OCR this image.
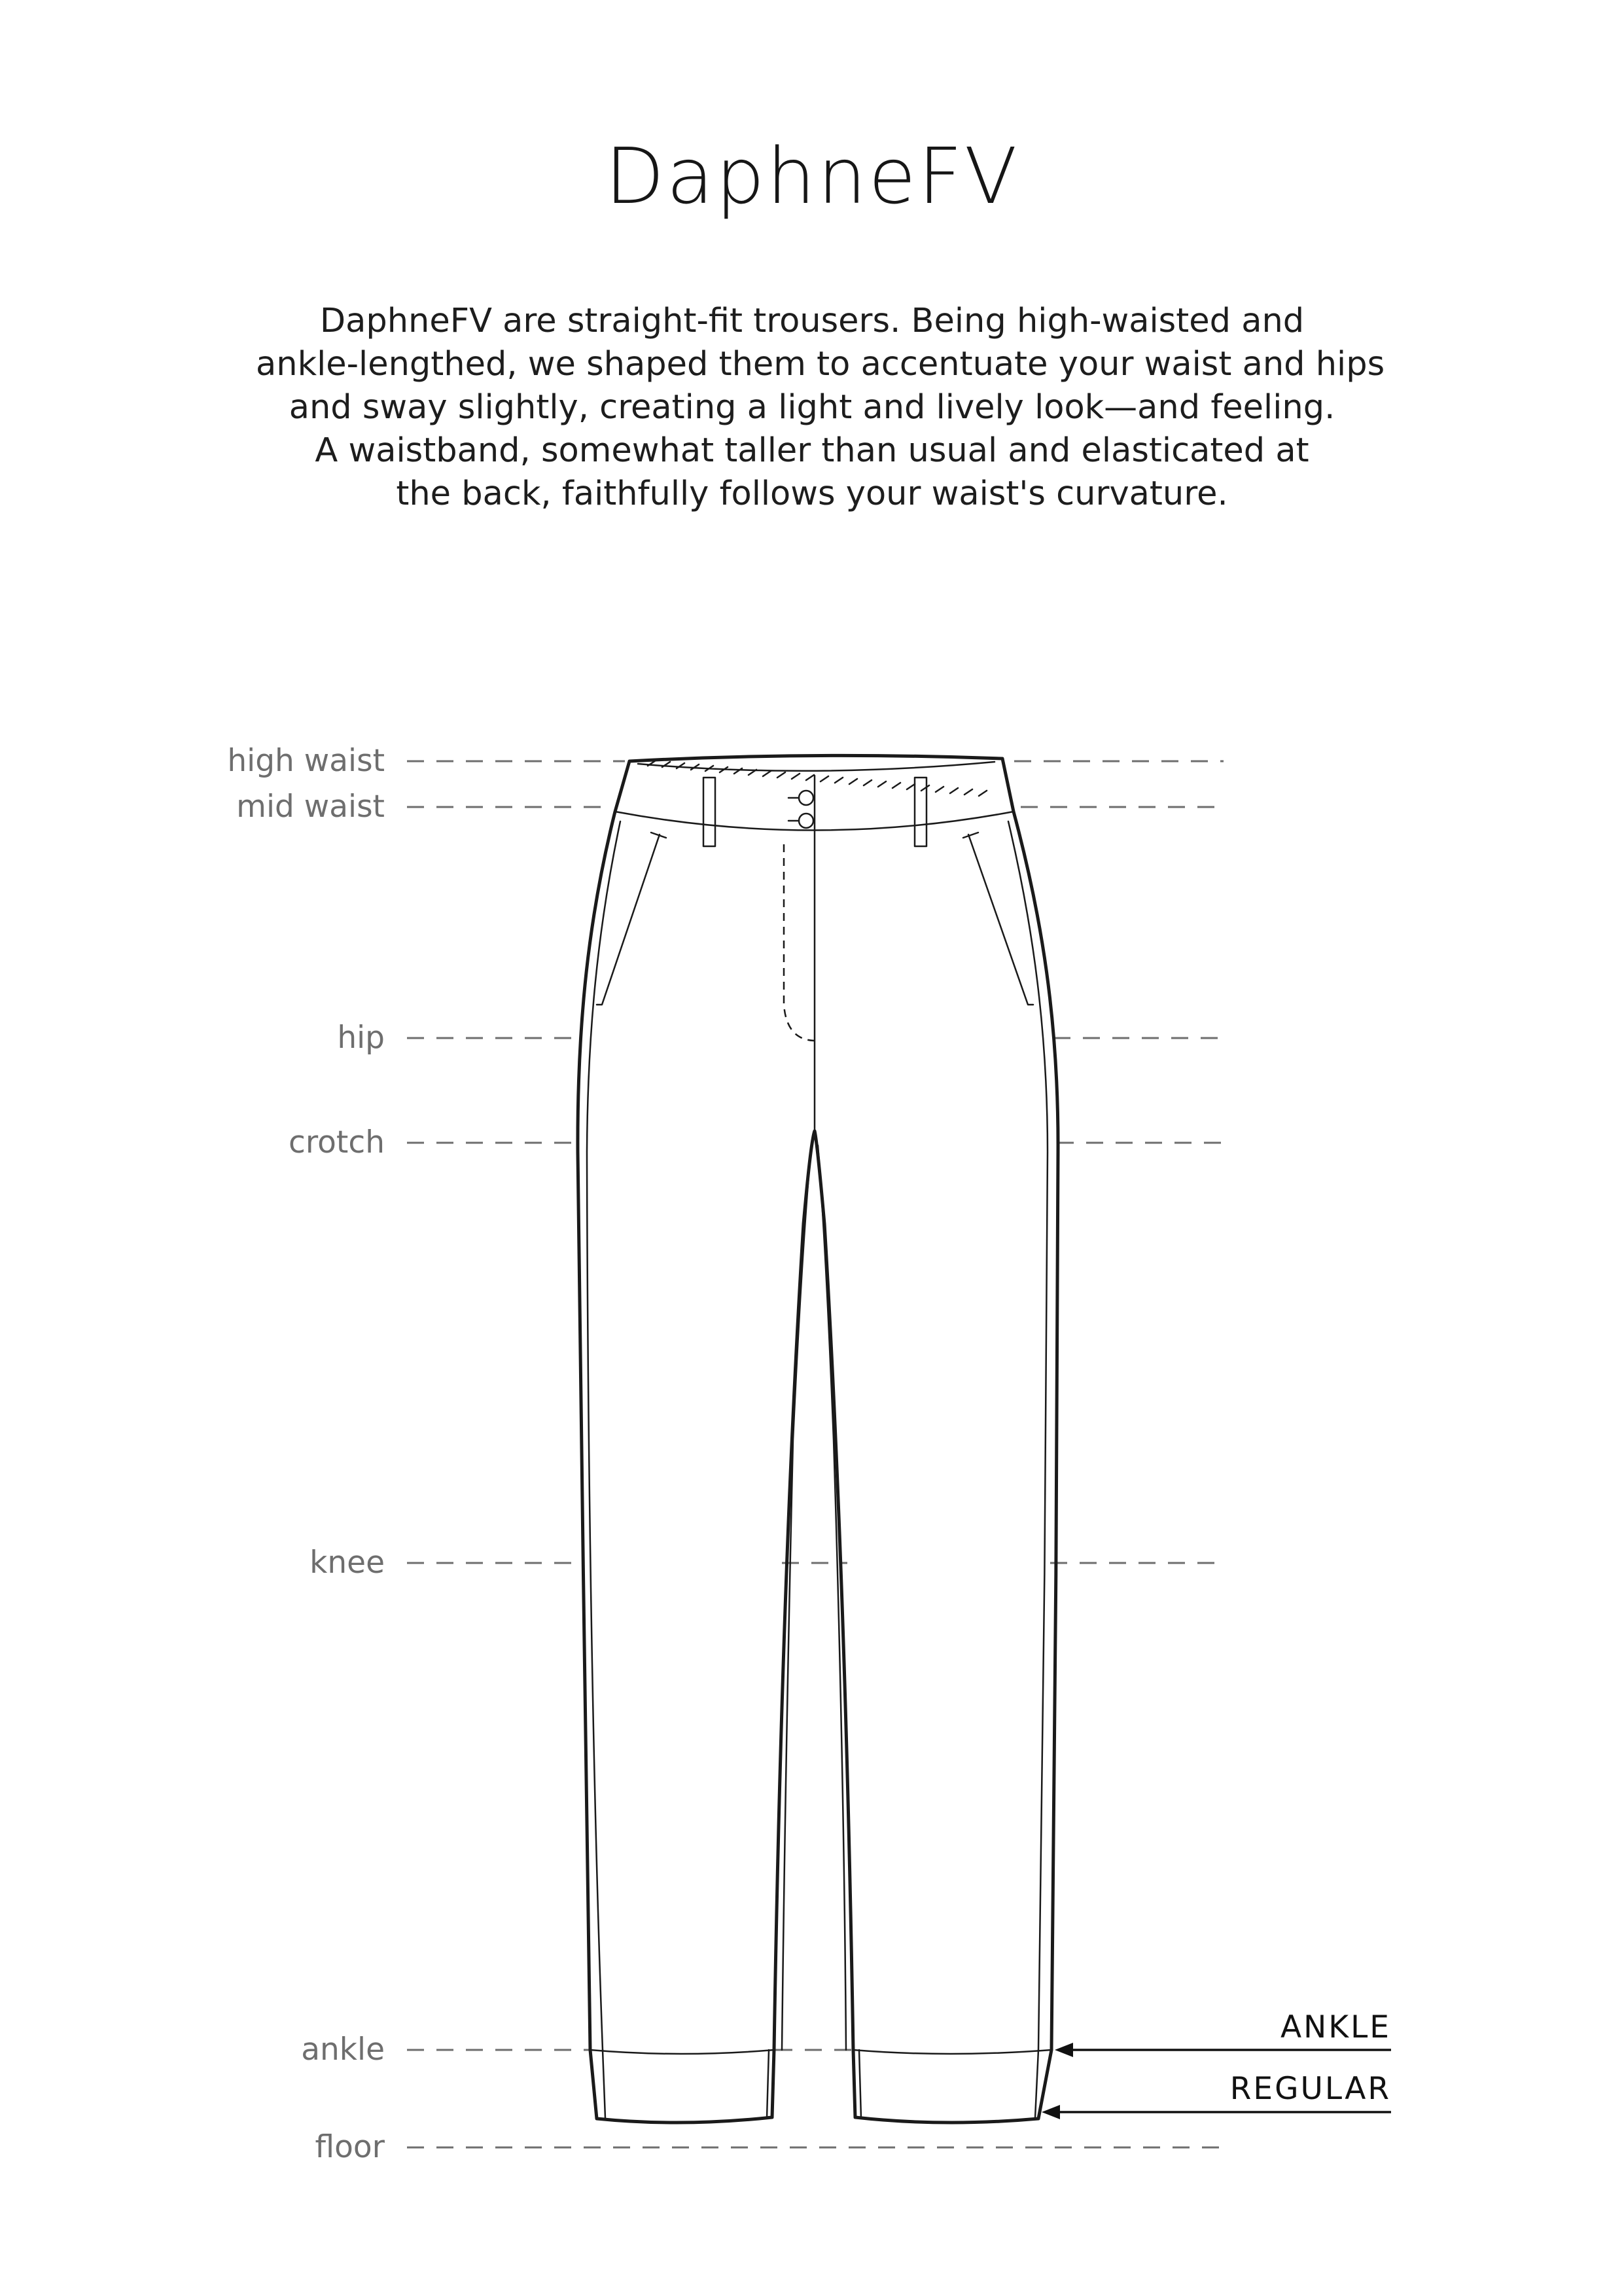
DaphneFV
DaphneFV are straight-fit trousers. Being high-waisted and
ankle-lengthed, we shaped them to accentuate your waist and hips
and sway slightly, creating a light and lively look—and feeling.
A waistband, somewhat taller than usual and elasticated at
the back, faithfully follows your waist's curvature.
high waist
mid waist
hip
crotch
knee
ankle
floor
ANKLE
REGULAR
